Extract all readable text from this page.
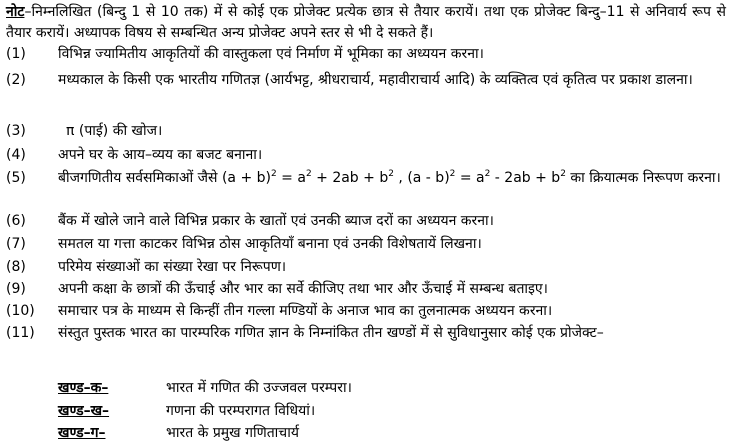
नोट–निम्नलिखित (बिन्दु 1 से 10 तक) में से कोई एक प्रोजेक्ट प्रत्येक छात्र से तैयार करायें। तथा एक प्रोजेक्ट बिन्दु–11 से अनिवार्य रूप से तैयार करायें। अध्यापक विषय से सम्बन्धित अन्य प्रोजेक्ट अपने स्तर से भी दे सकते हैं।
(1)	विभिन्न ज्यामितीय आकृतियों की वास्तुकला एवं निर्माण में भूमिका का अध्ययन करना।
(2)	मध्यकाल के किसी एक भारतीय गणितज्ञ (आर्यभट्ट, श्रीधराचार्य, महावीराचार्य आदि) के व्यक्तित्व एवं कृतित्व पर प्रकाश डालना।
(3)	π (पाई) की खोज।
(4)	अपने घर के आय–व्यय का बजट बनाना।
(5)	बीजगणितीय सर्वसमिकाओं जैसे $(a + b)^2 = a^2 + 2ab + b^2$ , $(a - b)^2 = a^2 - 2ab + b^2$ का क्रियात्मक निरूपण करना।
(6)	बैंक में खोले जाने वाले विभिन्न प्रकार के खातों एवं उनकी ब्याज दरों का अध्ययन करना।
(7)	समतल या गत्ता काटकर विभिन्न ठोस आकृतियाँ बनाना एवं उनकी विशेषतायें लिखना।
(8)	परिमेय संख्याओं का संख्या रेखा पर निरूपण।
(9)	अपनी कक्षा के छात्रों की ऊँचाई और भार का सर्वे कीजिए तथा भार और ऊँचाई में सम्बन्ध बताइए।
(10)	समाचार पत्र के माध्यम से किन्हीं तीन गल्ला मण्डियों के अनाज भाव का तुलनात्मक अध्ययन करना।
(11)	संस्तुत पुस्तक भारत का पारम्परिक गणित ज्ञान के निम्नांकित तीन खण्डों में से सुविधानुसार कोई एक प्रोजेक्ट–
खण्ड–क–	भारत में गणित की उज्जवल परम्परा।
खण्ड–ख–	गणना की परम्परागत विधियां।
खण्ड–ग–	भारत के प्रमुख गणिताचार्य
